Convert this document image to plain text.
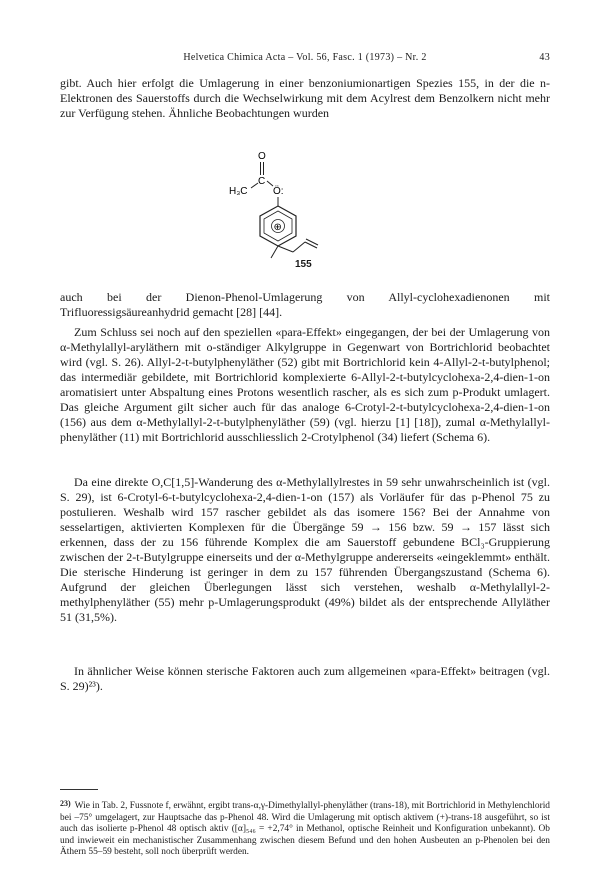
Helvetica Chimica Acta – Vol. 56, Fasc. 1 (1973) – Nr. 2	43

gibt. Auch hier erfolgt die Umlagerung in einer benzoniumionartigen Spezies 155, in der die n-Elektronen des Sauerstoffs durch die Wechselwirkung mit dem Acylrest dem Benzolkern nicht mehr zur Verfügung stehen. Ähnliche Beobachtungen wurden

O
C
H₃C	Ö:
⊕
155

auch bei der Dienon-Phenol-Umlagerung von Allyl-cyclohexadienonen mit Trifluoressigsäureanhydrid gemacht [28] [44].

Zum Schluss sei noch auf den speziellen «para-Effekt» eingegangen, der bei der Umlagerung von α-Methylallyl-aryläthern mit o-ständiger Alkylgruppe in Gegenwart von Bortrichlorid beobachtet wird (vgl. S. 26). Allyl-2-t-butylphenyläther (52) gibt mit Bortrichlorid kein 4-Allyl-2-t-butylphenol; das intermediär gebildete, mit Bortrichlorid komplexierte 6-Allyl-2-t-butylcyclohexa-2,4-dien-1-on aromatisiert unter Abspaltung eines Protons wesentlich rascher, als es sich zum p-Produkt umlagert. Das gleiche Argument gilt sicher auch für das analoge 6-Crotyl-2-t-butylcyclohexa-2,4-dien-1-on (156) aus dem α-Methylallyl-2-t-butylphenyläther (59) (vgl. hierzu [1] [18]), zumal α-Methylallyl-phenyläther (11) mit Bortrichlorid ausschliesslich 2-Crotylphenol (34) liefert (Schema 6).

Da eine direkte O,C[1,5]-Wanderung des α-Methylallylrestes in 59 sehr unwahrscheinlich ist (vgl. S. 29), ist 6-Crotyl-6-t-butylcyclohexa-2,4-dien-1-on (157) als Vorläufer für das p-Phenol 75 zu postulieren. Weshalb wird 157 rascher gebildet als das isomere 156? Bei der Annahme von sesselartigen, aktivierten Komplexen für die Übergänge 59 → 156 bzw. 59 → 157 lässt sich erkennen, dass der zu 156 führende Komplex die am Sauerstoff gebundene BCl₃-Gruppierung zwischen der 2-t-Butylgruppe einerseits und der α-Methylgruppe andererseits «eingeklemmt» enthält. Die sterische Hinderung ist geringer in dem zu 157 führenden Übergangszustand (Schema 6). Aufgrund der gleichen Überlegungen lässt sich verstehen, weshalb α-Methylallyl-2-methylphenyläther (55) mehr p-Umlagerungsprodukt (49%) bildet als der entsprechende Allyläther 51 (31,5%).

In ähnlicher Weise können sterische Faktoren auch zum allgemeinen «para-Effekt» beitragen (vgl. S. 29)²³).

23) Wie in Tab. 2, Fussnote f, erwähnt, ergibt trans-α,γ-Dimethylallyl-phenyläther (trans-18), mit Bortrichlorid in Methylenchlorid bei –75° umgelagert, zur Hauptsache das p-Phenol 48. Wird die Umlagerung mit optisch aktivem (+)-trans-18 ausgeführt, so ist auch das isolierte p-Phenol 48 optisch aktiv ([α]₅₄₆ = +2,74° in Methanol, optische Reinheit und Konfiguration unbekannt). Ob und inwieweit ein mechanistischer Zusammenhang zwischen diesem Befund und den hohen Ausbeuten an p-Phenolen bei den Äthern 55–59 besteht, soll noch überprüft werden.
